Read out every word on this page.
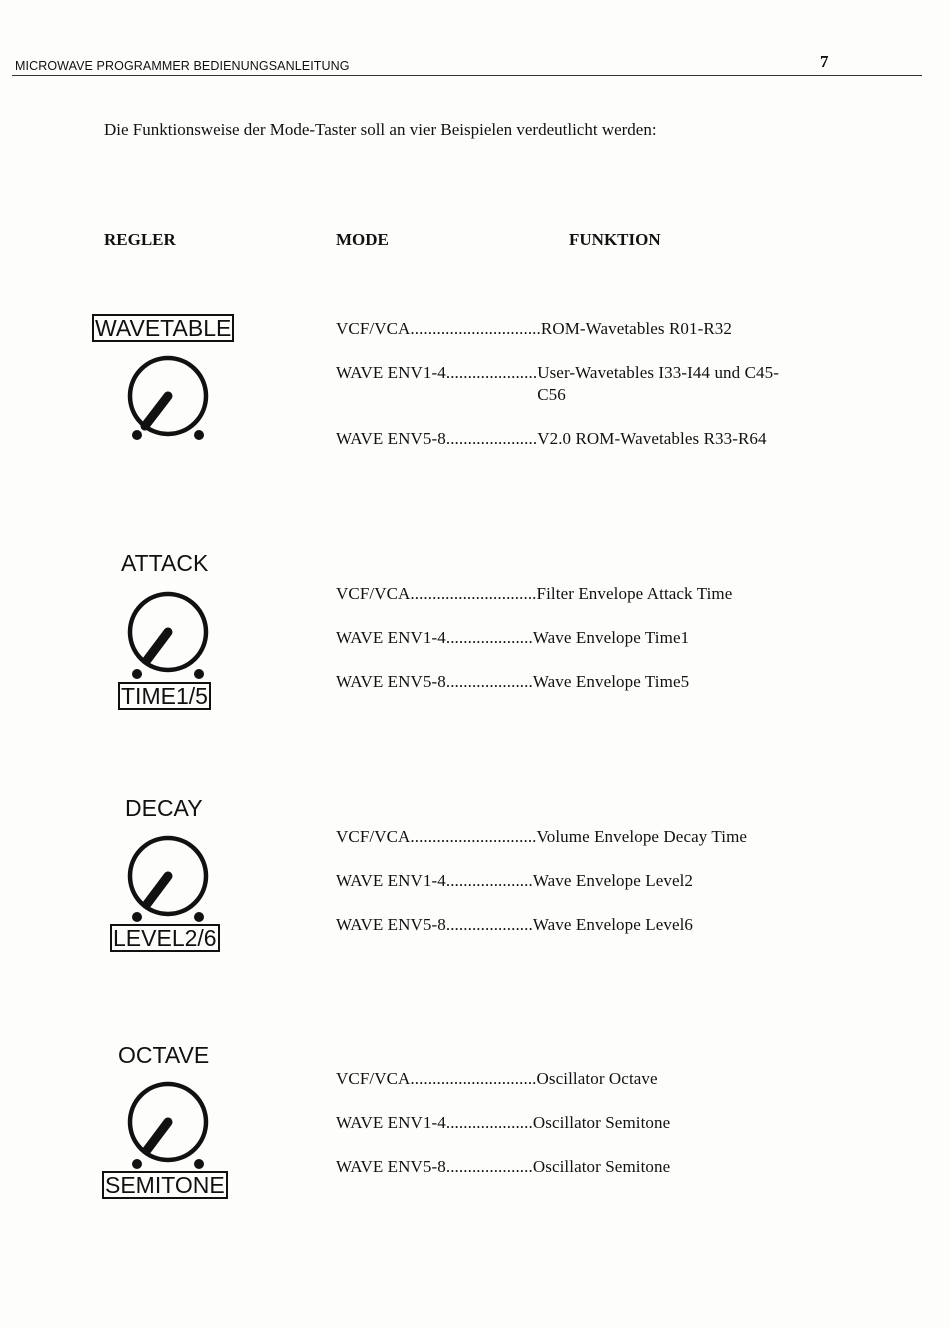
MICROWAVE PROGRAMMER BEDIENUNGSANLEITUNG	7
Die Funktionsweise der Mode-Taster soll an vier Beispielen verdeutlicht werden:
REGLER	MODE	FUNKTION
WAVETABLE	VCF/VCA..............................ROM-Wavetables R01-R32
WAVE ENV1-4.....................User-Wavetables I33-I44 und C45-C56
WAVE ENV5-8.....................V2.0 ROM-Wavetables R33-R64
ATTACK
TIME1/5
VCF/VCA.............................Filter Envelope Attack Time
WAVE ENV1-4....................Wave Envelope Time1
WAVE ENV5-8....................Wave Envelope Time5
DECAY
LEVEL2/6
VCF/VCA.............................Volume Envelope Decay Time
WAVE ENV1-4....................Wave Envelope Level2
WAVE ENV5-8....................Wave Envelope Level6
OCTAVE
SEMITONE
VCF/VCA.............................Oscillator Octave
WAVE ENV1-4....................Oscillator Semitone
WAVE ENV5-8....................Oscillator Semitone
